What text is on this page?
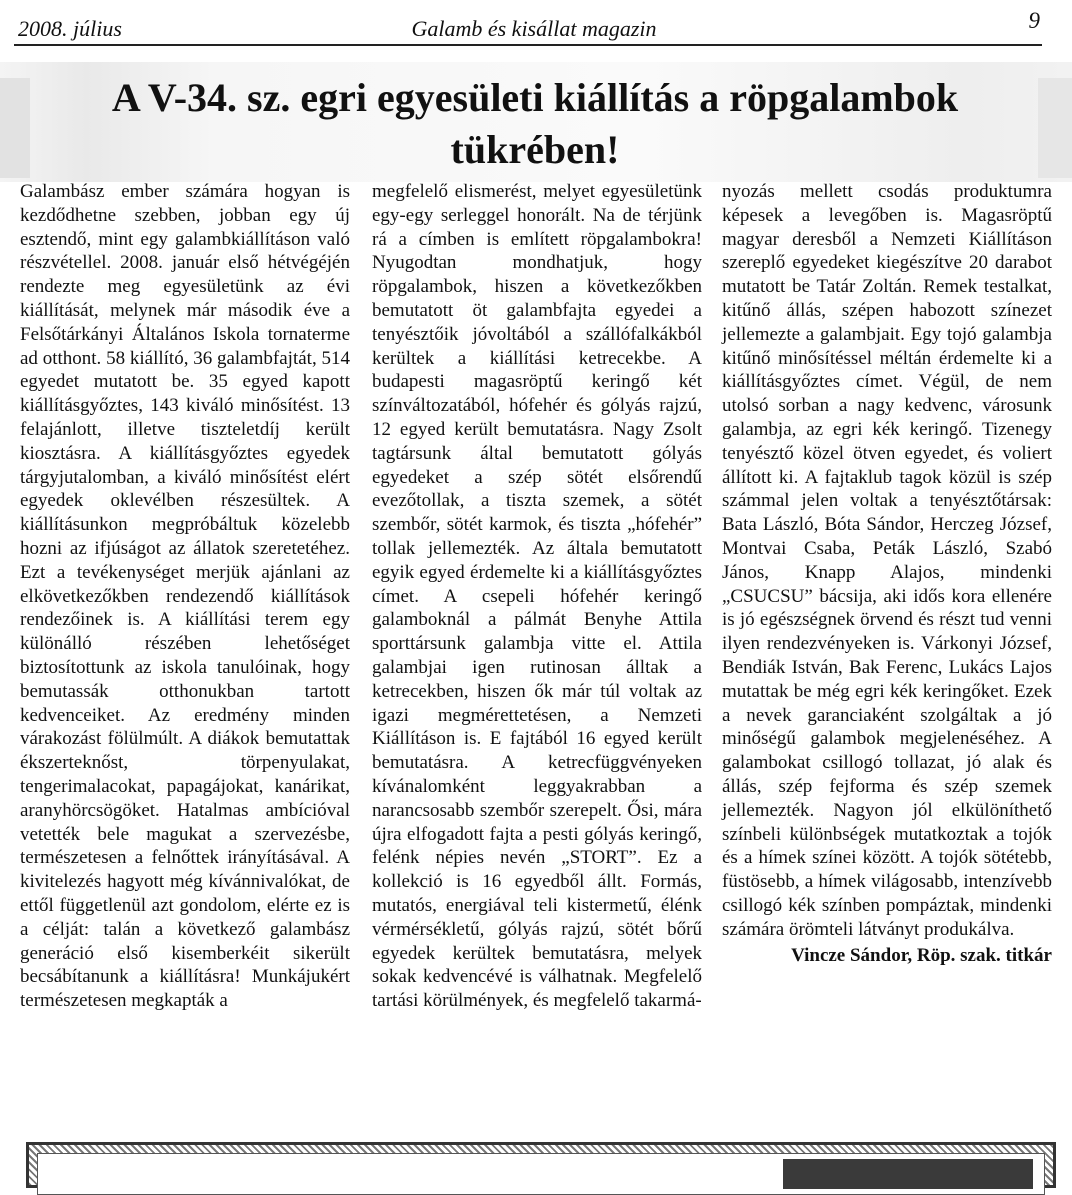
2008. július	Galamb és kisállat magazin	9
A V-34. sz. egri egyesületi kiállítás a röpgalambok tükrében!

Galambász ember számára hogyan is kezdődhetne szebben, jobban egy új esztendő, mint egy galambkiállításon való részvétellel. 2008. január első hétvégéjén rendezte meg egyesületünk az évi kiállítását, melynek már második éve a Felsőtárkányi Általános Iskola tornaterme ad otthont. 58 kiállító, 36 galambfajtát, 514 egyedet mutatott be. 35 egyed kapott kiállításgyőztes, 143 kiváló minősítést. 13 felajánlott, illetve tiszteletdíj került kiosztásra. A kiállításgyőztes egyedek tárgyjutalomban, a kiváló minősítést elért egyedek oklevélben részesültek. A kiállításunkon megpróbáltuk közelebb hozni az ifjúságot az állatok szeretetéhez. Ezt a tevékenységet merjük ajánlani az elkövetkezőkben rendezendő kiállítások rendezőinek is. A kiállítási terem egy különálló részében lehetőséget biztosítottunk az iskola tanulóinak, hogy bemutassák otthonukban tartott kedvenceiket. Az eredmény minden várakozást fölülmúlt. A diákok bemutattak ékszerteknőst, törpenyulakat, tengerimalacokat, papagájokat, kanárikat, aranyhörcsögöket. Hatalmas ambícióval vetették bele magukat a szervezésbe, természetesen a felnőttek irányításával. A kivitelezés hagyott még kívánnivalókat, de ettől függetlenül azt gondolom, elérte ez is a célját: talán a következő galambász generáció első kisemberkéit sikerült becsábítanunk a kiállításra! Munkájukért természetesen megkapták a

megfelelő elismerést, melyet egyesületünk egy-egy serleggel honorált. Na de térjünk rá a címben is említett röpgalambokra! Nyugodtan mondhatjuk, hogy röpgalambok, hiszen a következőkben bemutatott öt galambfajta egyedei a tenyésztőik jóvoltából a szállófalkákból kerültek a kiállítási ketrecekbe. A budapesti magasröptű keringő két színváltozatából, hófehér és gólyás rajzú, 12 egyed került bemutatásra. Nagy Zsolt tagtársunk által bemutatott gólyás egyedeket a szép sötét elsőrendű evezőtollak, a tiszta szemek, a sötét szembőr, sötét karmok, és tiszta „hófehér” tollak jellemezték. Az általa bemutatott egyik egyed érdemelte ki a kiállításgyőztes címet. A csepeli hófehér keringő galamboknál a pálmát Benyhe Attila sporttársunk galambja vitte el. Attila galambjai igen rutinosan álltak a ketrecekben, hiszen ők már túl voltak az igazi megmérettetésen, a Nemzeti Kiállításon is. E fajtából 16 egyed került bemutatásra. A ketrecfüggvényeken kívánalomként leggyakrabban a narancsosabb szembőr szerepelt. Ősi, mára újra elfogadott fajta a pesti gólyás keringő, felénk népies nevén „STORT”. Ez a kollekció is 16 egyedből állt. Formás, mutatós, energiával teli kistermetű, élénk vérmérsékletű, gólyás rajzú, sötét bőrű egyedek kerültek bemutatásra, melyek sokak kedvencévé is válhatnak. Megfelelő tartási körülmények, és megfelelő takarmá-

nyozás mellett csodás produktumra képesek a levegőben is. Magasröptű magyar deresből a Nemzeti Kiállításon szereplő egyedeket kiegészítve 20 darabot mutatott be Tatár Zoltán. Remek testalkat, kitűnő állás, szépen habozott színezet jellemezte a galambjait. Egy tojó galambja kitűnő minősítéssel méltán érdemelte ki a kiállításgyőztes címet. Végül, de nem utolsó sorban a nagy kedvenc, városunk galambja, az egri kék keringő. Tizenegy tenyésztő közel ötven egyedet, és voliert állított ki. A fajtaklub tagok közül is szép számmal jelen voltak a tenyésztőtársak: Bata László, Bóta Sándor, Herczeg József, Montvai Csaba, Peták László, Szabó János, Knapp Alajos, mindenki „CSUCSU” bácsija, aki idős kora ellenére is jó egészségnek örvend és részt tud venni ilyen rendezvényeken is. Várkonyi József, Bendiák István, Bak Ferenc, Lukács Lajos mutattak be még egri kék keringőket. Ezek a nevek garanciaként szolgáltak a jó minőségű galambok megjelenéséhez. A galambokat csillogó tollazat, jó alak és állás, szép fejforma és szép szemek jellemezték. Nagyon jól elkülöníthető színbeli különbségek mutatkoztak a tojók és a hímek színei között. A tojók sötétebb, füstösebb, a hímek világosabb, intenzívebb csillogó kék színben pompáztak, mindenki számára örömteli látványt produkálva.

Vincze Sándor, Röp. szak. titkár
